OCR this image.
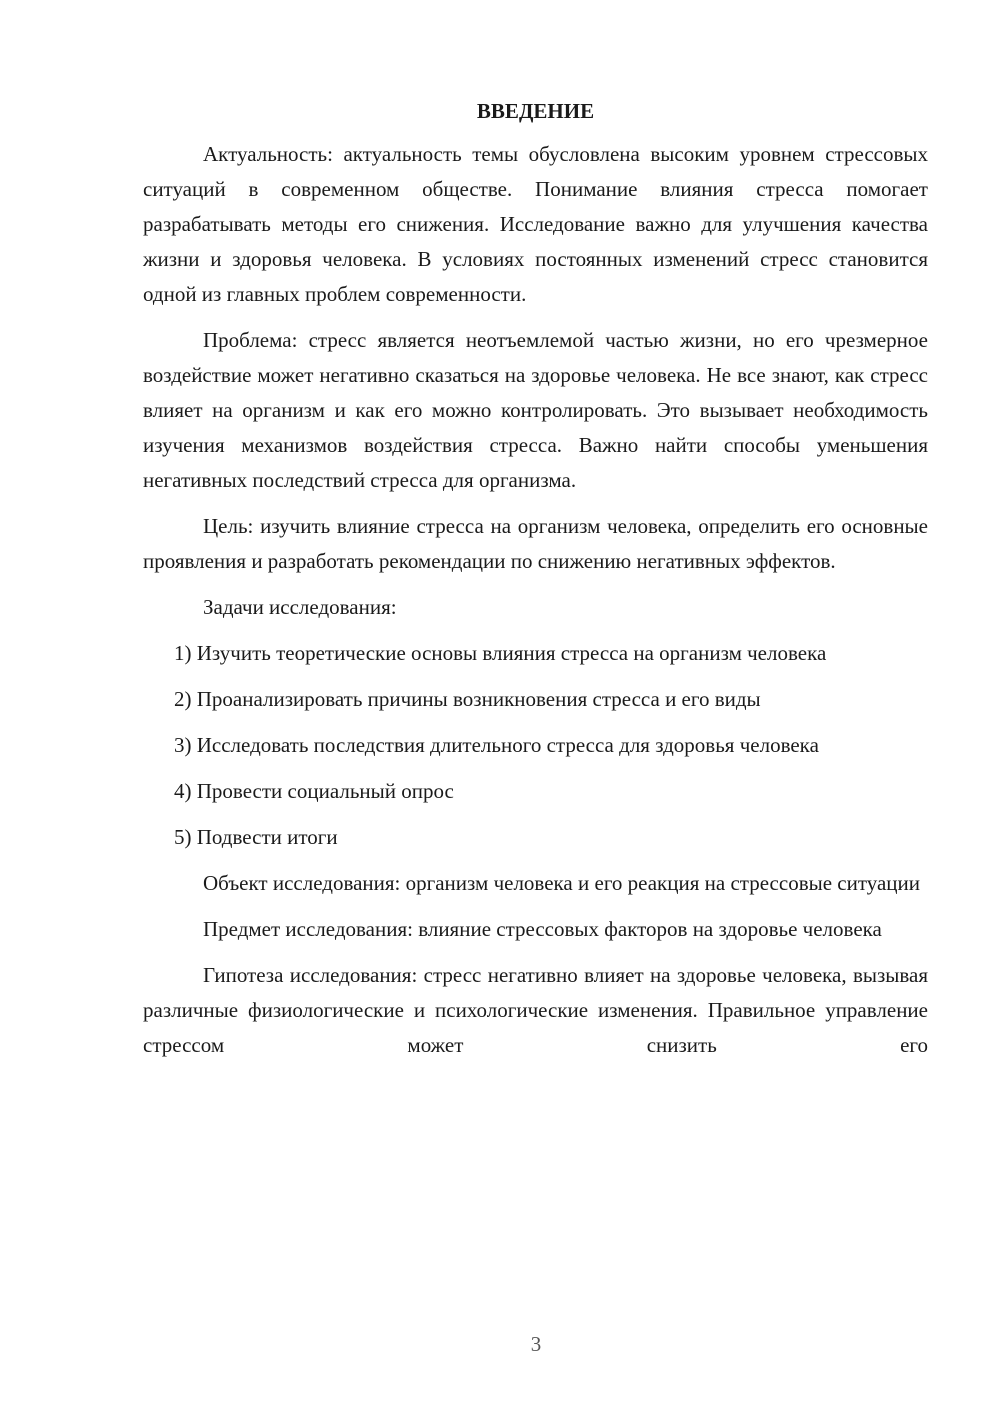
ВВЕДЕНИЕ

Актуальность: актуальность темы обусловлена высоким уровнем стрессовых ситуаций в современном обществе. Понимание влияния стресса помогает разрабатывать методы его снижения. Исследование важно для улучшения качества жизни и здоровья человека. В условиях постоянных изменений стресс становится одной из главных проблем современности.

Проблема: стресс является неотъемлемой частью жизни, но его чрезмерное воздействие может негативно сказаться на здоровье человека. Не все знают, как стресс влияет на организм и как его можно контролировать. Это вызывает необходимость изучения механизмов воздействия стресса. Важно найти способы уменьшения негативных последствий стресса для организма.

Цель: изучить влияние стресса на организм человека, определить его основные проявления и разработать рекомендации по снижению негативных эффектов.

Задачи исследования:

1) Изучить теоретические основы влияния стресса на организм человека

2) Проанализировать причины возникновения стресса и его виды

3) Исследовать последствия длительного стресса для здоровья человека

4) Провести социальный опрос

5) Подвести итоги

Объект исследования: организм человека и его реакция на стрессовые ситуации

Предмет исследования: влияние стрессовых факторов на здоровье человека

Гипотеза исследования: стресс негативно влияет на здоровье человека, вызывая различные физиологические и психологические изменения. Правильное управление стрессом может снизить его

3
